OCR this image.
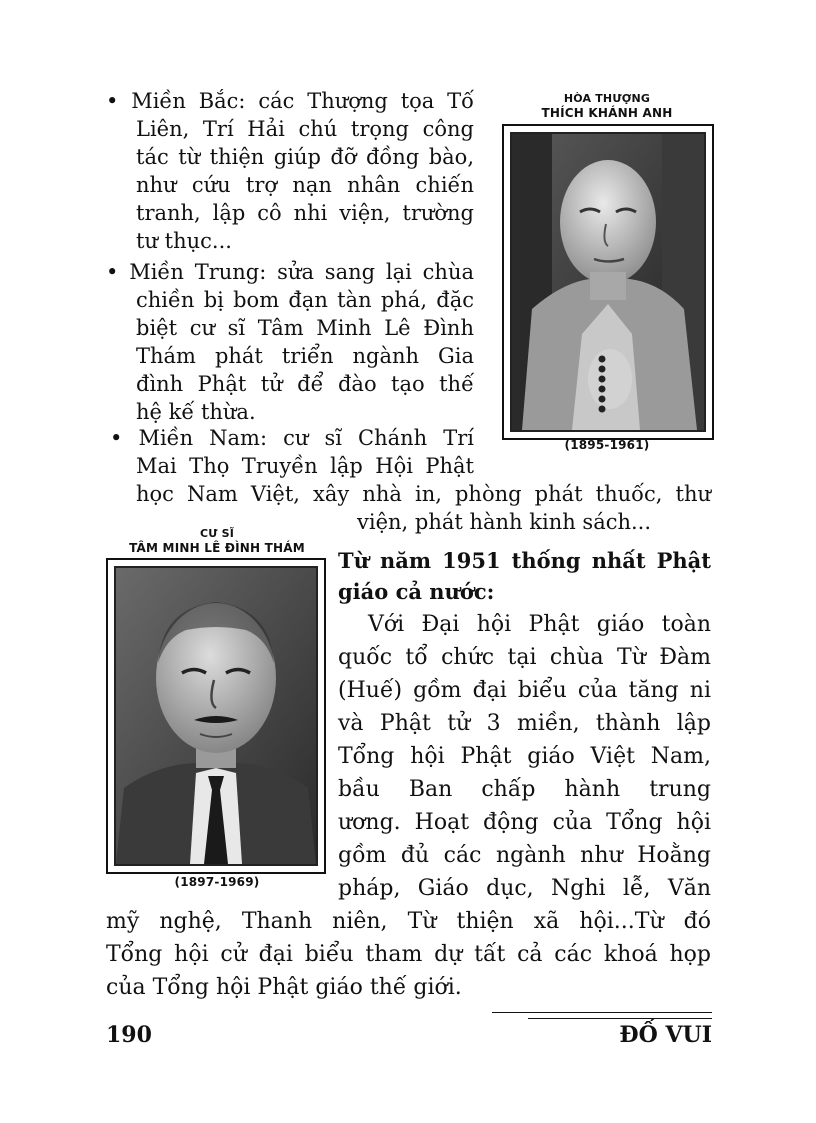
• Miền Bắc: các Thượng tọa Tố
Liên, Trí Hải chú trọng công
tác từ thiện giúp đỡ đồng bào,
như cứu trợ nạn nhân chiến
tranh, lập cô nhi viện, trường
tư thục...
• Miền Trung: sửa sang lại chùa
chiền bị bom đạn tàn phá, đặc
biệt cư sĩ Tâm Minh Lê Đình
Thám phát triển ngành Gia
đình Phật tử để đào tạo thế
hệ kế thừa.
• Miền Nam: cư sĩ Chánh Trí
Mai Thọ Truyền lập Hội Phật
học Nam Việt, xây nhà in, phòng phát thuốc, thư
viện, phát hành kinh sách...
HÒA THƯỢNG
THÍCH KHÁNH ANH
(1895-1961)
CƯ SĨ
TÂM MINH LÊ ĐÌNH THÁM
(1897-1969)
Từ năm 1951 thống nhất Phật
giáo cả nước:
Với Đại hội Phật giáo toàn
quốc tổ chức tại chùa Từ Đàm
(Huế) gồm đại biểu của tăng ni
và Phật tử 3 miền, thành lập
Tổng hội Phật giáo Việt Nam,
bầu Ban chấp hành trung
ương. Hoạt động của Tổng hội
gồm đủ các ngành như Hoằng
pháp, Giáo dục, Nghi lễ, Văn
mỹ nghệ, Thanh niên, Từ thiện xã hội...Từ đó
Tổng hội cử đại biểu tham dự tất cả các khoá họp
của Tổng hội Phật giáo thế giới.
190	ĐỐ VUI
